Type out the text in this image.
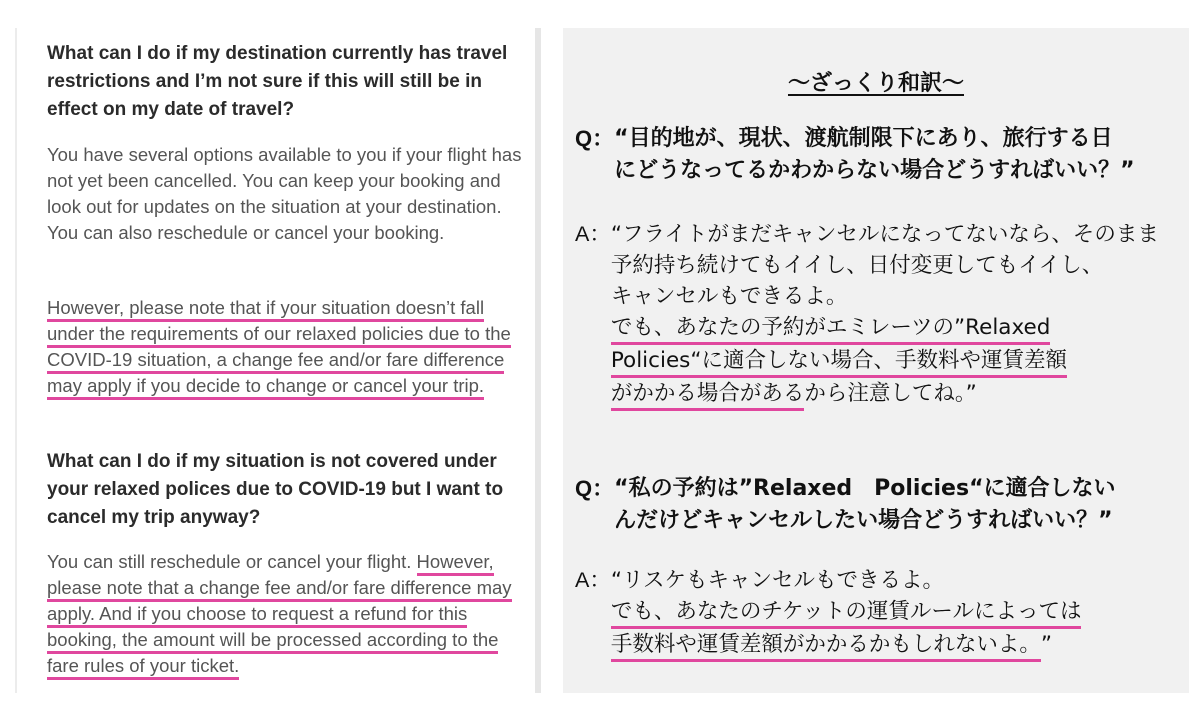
What can I do if my destination currently has travel restrictions and I’m not sure if this will still be in effect on my date of travel?

You have several options available to you if your flight has not yet been cancelled. You can keep your booking and look out for updates on the situation at your destination. You can also reschedule or cancel your booking.

However, please note that if your situation doesn’t fall under the requirements of our relaxed policies due to the COVID-19 situation, a change fee and/or fare difference may apply if you decide to change or cancel your trip.

What can I do if my situation is not covered under your relaxed polices due to COVID-19 but I want to cancel my trip anyway?

You can still reschedule or cancel your flight. However, please note that a change fee and/or fare difference may apply. And if you choose to request a refund for this booking, the amount will be processed according to the fare rules of your ticket.

～ざっくり和訳～
Q： “目的地が、現状、渡航制限下にあり、旅行する日
にどうなってるかわからない場合どうすればいい？”
A： “フライトがまだキャンセルになってないなら、そのまま
予約持ち続けてもイイし、日付変更してもイイし、
キャンセルもできるよ。
でも、あなたの予約がエミレーツの”Relaxed Policies“に適合しない場合、手数料や運賃差額
がかかる場合があるから注意してね。”
Q： “私の予約は”Relaxed　Policies“に適合しない
んだけどキャンセルしたい場合どうすればいい？”
A： “リスケもキャンセルもできるよ。
でも、あなたのチケットの運賃ルールによっては
手数料や運賃差額がかかるかもしれないよ。”
